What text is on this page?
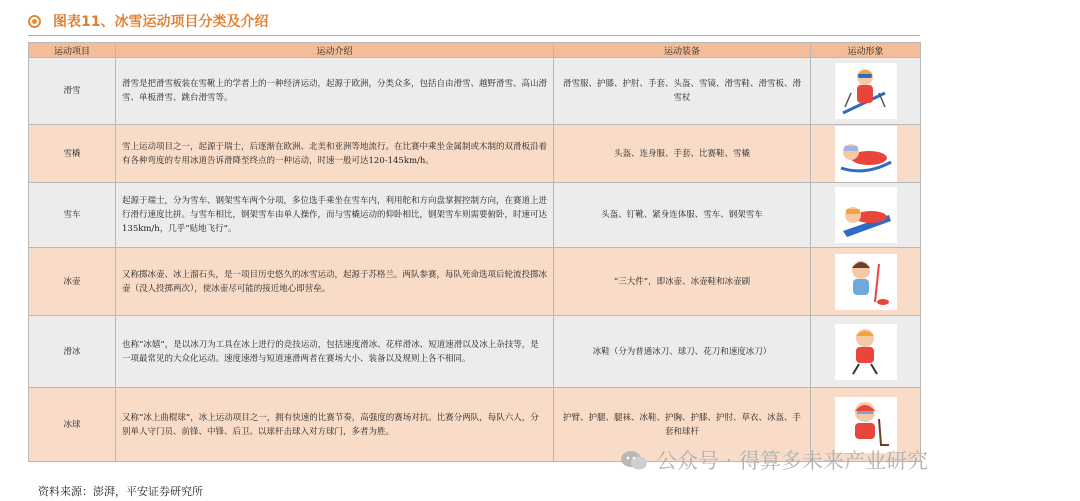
图表11、冰雪运动项目分类及介绍
运动项目	运动介绍	运动装备	运动形象
滑雪	滑雪是把滑雪板装在雪靴上的学者上的一种经济运动，起源于欧洲，分类众多，包括自由滑雪、越野滑雪、高山滑雪、单板滑雪、跳台滑雪等。	滑雪服、护膝、护肘、手套、头盔、雪镜、滑雪鞋、滑雪板、滑雪杖	

雪橇	雪上运动项目之一，起源于瑞士，后逐渐在欧洲、北美和亚洲等地流行。在比赛中乘坐金属制或木制的双滑板沿着有各种弯度的专用冰道告诉滑降至终点的一种运动，时速一般可达120-145km/h。	头盔、连身服、手套、比赛鞋、雪橇	

雪车	起源于瑞士，分为雪车、钢架雪车两个分项，多位选手乘坐在雪车内，利用舵和方向盘掌握控制方向，在赛道上进行滑行速度比拼。与雪车相比，钢架雪车由单人操作，而与雪橇运动的仰卧相比，钢架雪车则需要俯卧，时速可达135km/h，几乎“贴地飞行”。	头盔、钉靴、紧身连体服、雪车、钢架雪车	

冰壶	又称掷冰壶、冰上溜石头，是一项目历史悠久的冰雪运动，起源于苏格兰。两队参赛，每队死命选项后轮流投掷冰壶（没人投掷两次），使冰壶尽可能的接近地心即营垒。	“三大件”，即冰壶、冰壶鞋和冰壶刷	

滑冰	也称“冰嬉”，是以冰刀为工具在冰上进行的竞技运动，包括速度滑冰、花样滑冰、短道速滑以及冰上杂技等，是一项最常见的大众化运动。速度速滑与短道速滑两者在赛场大小、装备以及规则上各不相同。	冰鞋（分为普通冰刀、球刀、花刀和速度冰刀）	

冰球	又称“冰上曲棍球”，冰上运动项目之一，拥有快速的比赛节奏，高强度的赛场对抗。比赛分两队，每队六人，分别单人守门员、前锋、中锋、后卫。以球杆击球入对方球门，多者为胜。	护臂、护腿、腿袜、冰鞋、护胸、护膝、护肘、草衣、冰盔、手套和球杆	
公众号 · 得算多未来产业研究
资料来源：澎湃，平安证券研究所
